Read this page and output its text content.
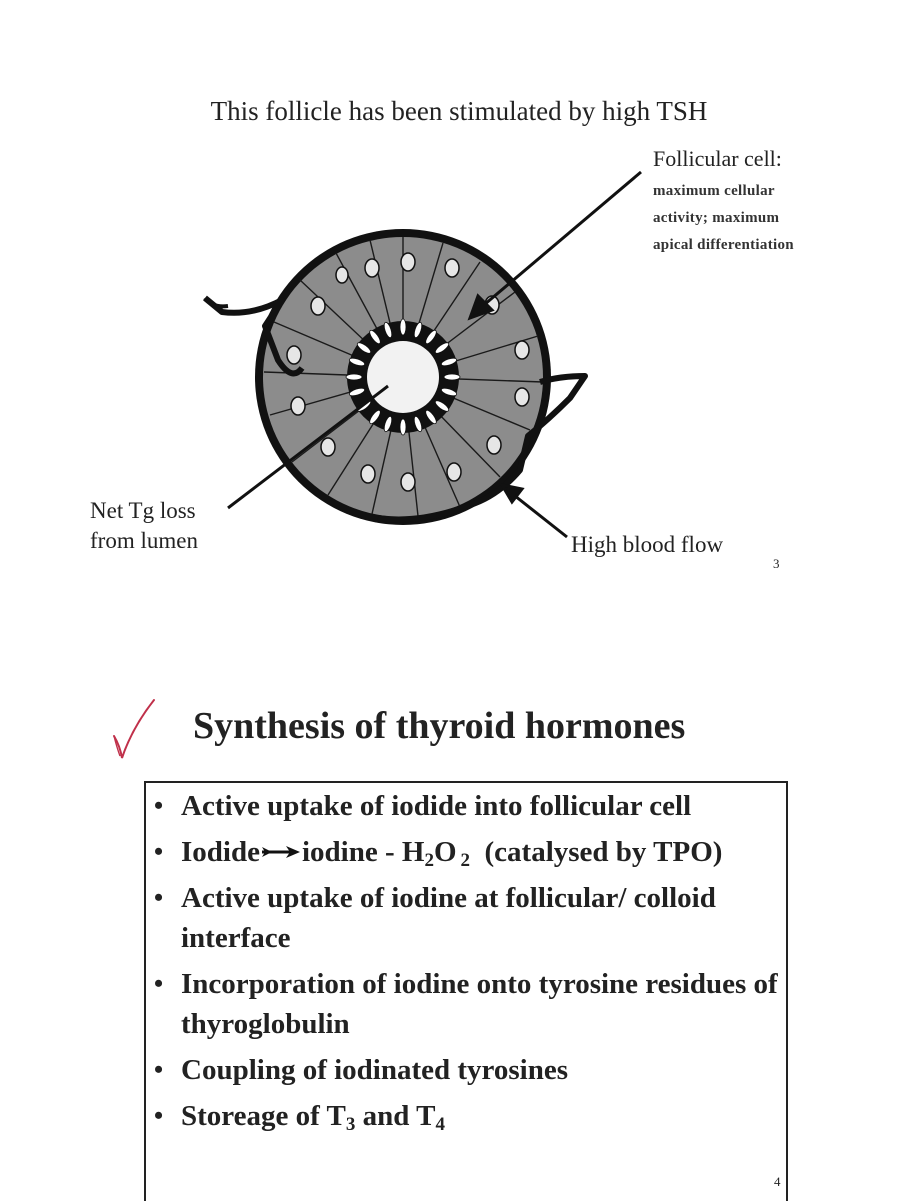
This follicle has been stimulated by high TSH
Follicular cell:
maximum cellular
activity; maximum
apical differentiation
Net Tg loss
from lumen	High blood flow
3
Synthesis of thyroid hormones
• Active uptake of iodide into follicular cell
• Iodide iodine - $H_2O$ $_2$ (catalysed by TPO)
• Active uptake of iodine at follicular/ colloid interface
• Incorporation of iodine onto tyrosine residues of thyroglobulin
• Coupling of iodinated tyrosines
• Storeage of $T_3$ and $T_4$
4
